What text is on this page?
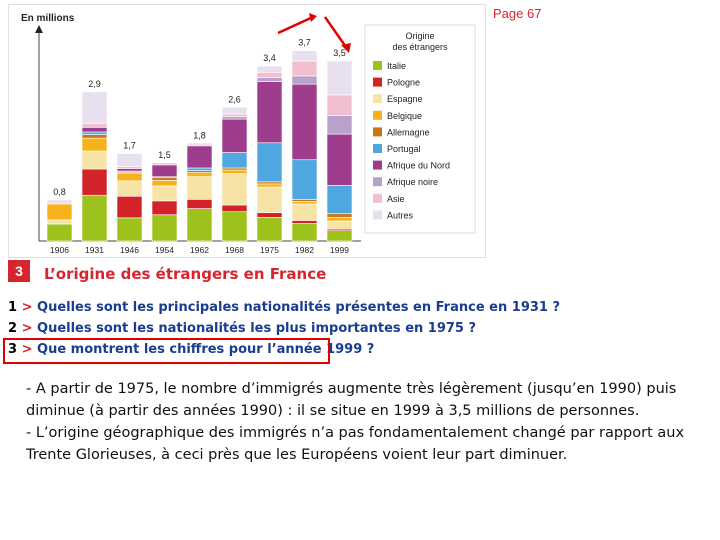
En millions
0,8
1906
2,9
1931
1,7
1946
1,5
1954
1,8
1962
2,6
1968
3,4
1975
3,7
1982
3,5
1999
Origine
des étrangers
Italie
Pologne
Espagne
Belgique
Allemagne
Portugal
Afrique du Nord
Afrique noire
Asie
Autres
Page 67
3	L’origine des étrangers en France
1 > Quelles sont les principales nationalités présentes en France en 1931 ?
2 > Quelles sont les nationalités les plus importantes en 1975 ?
3 > Que montrent les chiffres pour l’année 1999 ?

- A partir de 1975, le nombre d’immigrés augmente très légèrement (jusqu’en 1990) puis diminue (à partir des années 1990) : il se situe en 1999 à 3,5 millions de personnes.

- L’origine géographique des immigrés n’a pas fondamentalement changé par rapport aux Trente Glorieuses, à ceci près que les Européens voient leur part diminuer.
